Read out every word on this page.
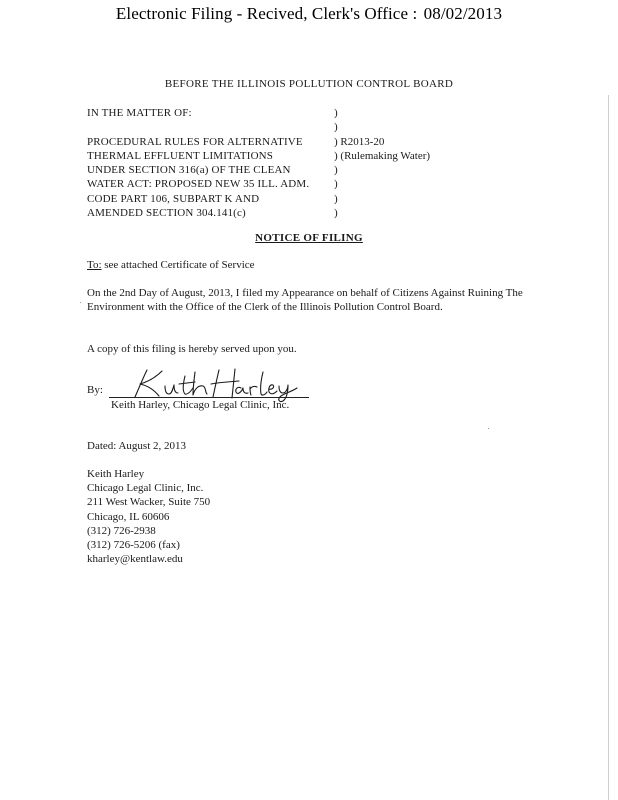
Electronic Filing - Recived, Clerk's Office : 08/02/2013
BEFORE THE ILLINOIS POLLUTION CONTROL BOARD
IN THE MATTER OF:	)
)
PROCEDURAL RULES FOR ALTERNATIVE	) R2013-20
THERMAL EFFLUENT LIMITATIONS	) (Rulemaking Water)
UNDER SECTION 316(a) OF THE CLEAN	)
WATER ACT: PROPOSED NEW 35 ILL. ADM.	)
CODE PART 106, SUBPART K AND	)
AMENDED SECTION 304.141(c)	)
NOTICE OF FILING
To: see attached Certificate of Service
On the 2nd Day of August, 2013, I filed my Appearance on behalf of Citizens Against Ruining The Environment with the Office of the Clerk of the Illinois Pollution Control Board.
A copy of this filing is hereby served upon you.
By:
Keith Harley, Chicago Legal Clinic, Inc.
Dated: August 2, 2013
Keith Harley
Chicago Legal Clinic, Inc.
211 West Wacker, Suite 750
Chicago, IL 60606
(312) 726-2938
(312) 726-5206 (fax)
kharley@kentlaw.edu
